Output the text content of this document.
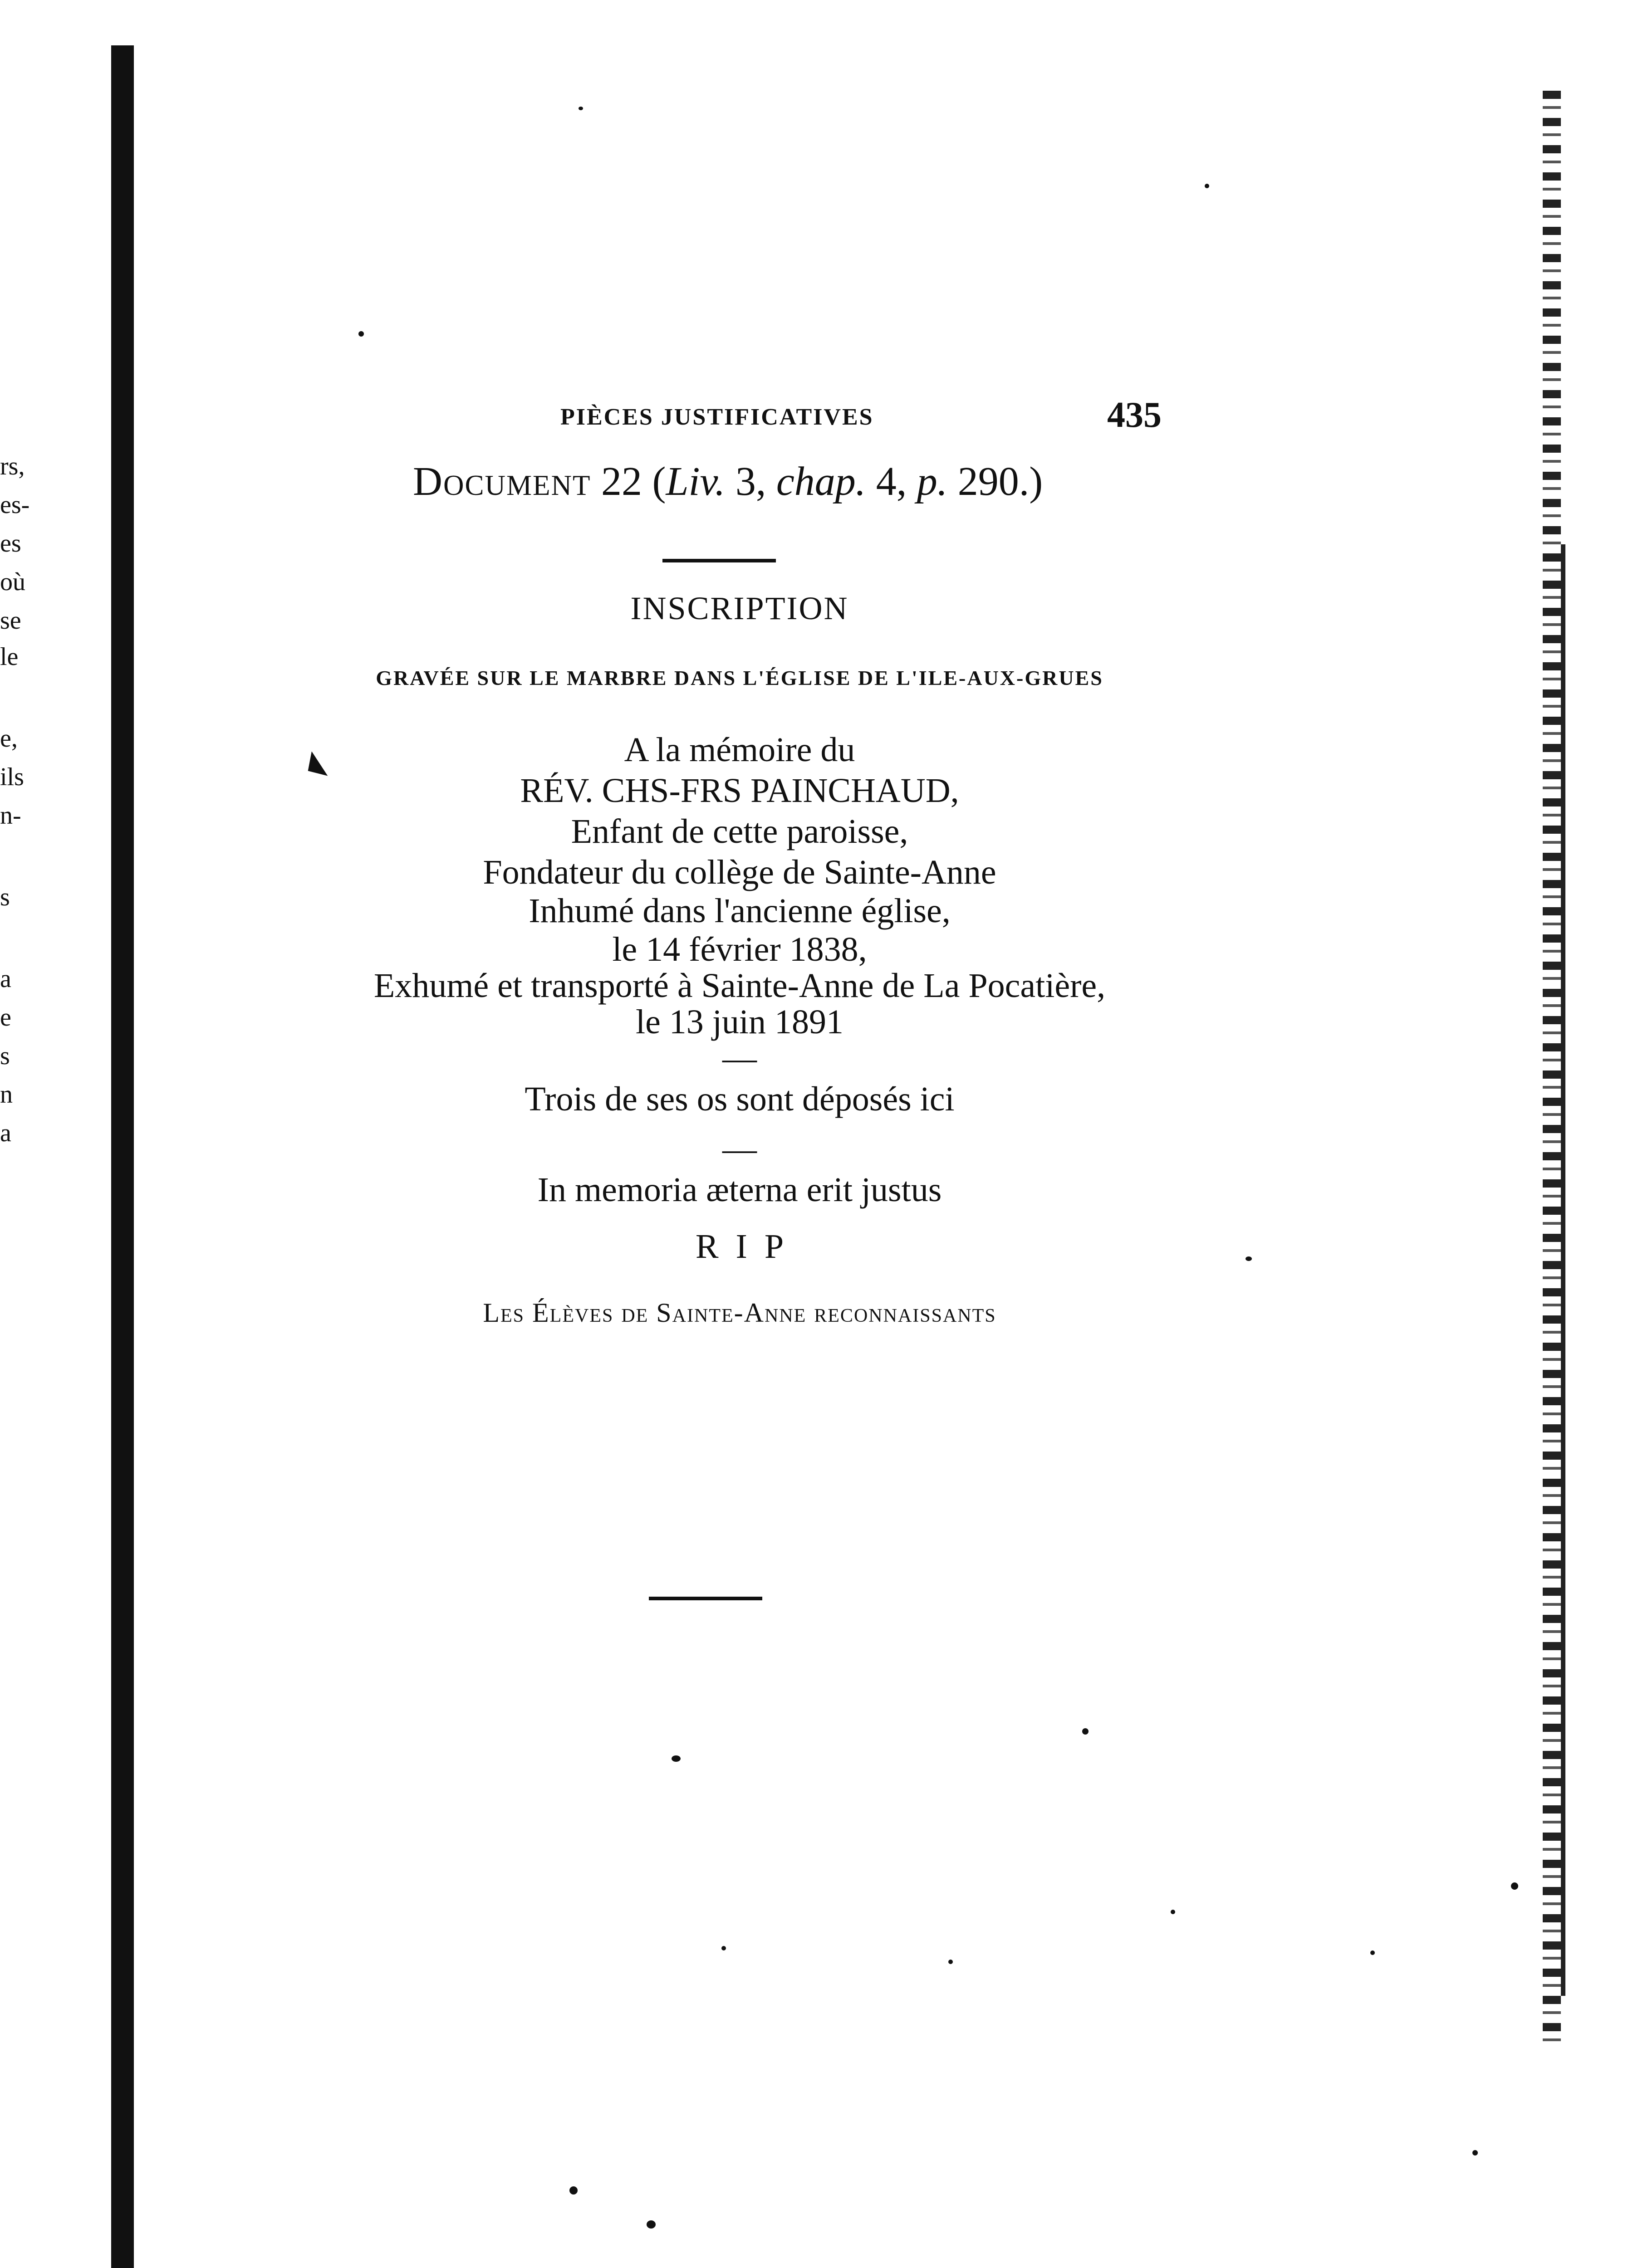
rs,
es-
es
où
se
le
e,
ils
n-
s
a
e
s
n
a
PIÈCES JUSTIFICATIVES	435
Document 22 (Liv. 3, chap. 4, p. 290.)
INSCRIPTION
GRAVÉE SUR LE MARBRE DANS L'ÉGLISE DE L'ILE-AUX-GRUES
A la mémoire du
RÉV. CHS-FRS PAINCHAUD,
Enfant de cette paroisse,
Fondateur du collège de Sainte-Anne
Inhumé dans l'ancienne église,
le 14 février 1838,
Exhumé et transporté à Sainte-Anne de La Pocatière,
le 13 juin 1891
—
Trois de ses os sont déposés ici
—
In memoria æterna erit justus
R  I  P
Les Élèves de Sainte-Anne reconnaissants
